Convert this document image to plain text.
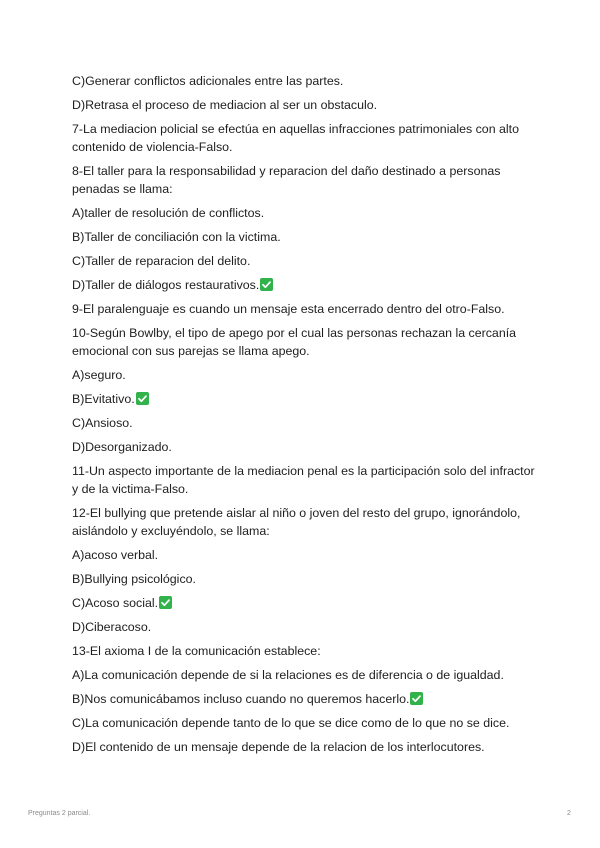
C)Generar conflictos adicionales entre las partes.

D)Retrasa el proceso de mediacion al ser un obstaculo.

7-La mediacion policial se efectúa en aquellas infracciones patrimoniales con alto contenido de violencia-Falso.

8-El taller para la responsabilidad y reparacion del daño destinado a personas penadas se llama:

A)taller de resolución de conflictos.

B)Taller de conciliación con la victima.

C)Taller de reparacion del delito.

D)Taller de diálogos restaurativos.

9-El paralenguaje es cuando un mensaje esta encerrado dentro del otro-Falso.

10-Según Bowlby, el tipo de apego por el cual las personas rechazan la cercanía emocional con sus parejas se llama apego.

A)seguro.

B)Evitativo.

C)Ansioso.

D)Desorganizado.

11-Un aspecto importante de la mediacion penal es la participación solo del infractor y de la victima-Falso.

12-El bullying que pretende aislar al niño o joven del resto del grupo, ignorándolo, aislándolo y excluyéndolo, se llama:

A)acoso verbal.

B)Bullying psicológico.

C)Acoso social.

D)Ciberacoso.

13-El axioma I de la comunicación establece:

A)La comunicación depende de si la relaciones es de diferencia o de igualdad.

B)Nos comunicábamos incluso cuando no queremos hacerlo.

C)La comunicación depende tanto de lo que se dice como de lo que no se dice.

D)El contenido de un mensaje depende de la relacion de los interlocutores.

Preguntas 2 parcial.	2
